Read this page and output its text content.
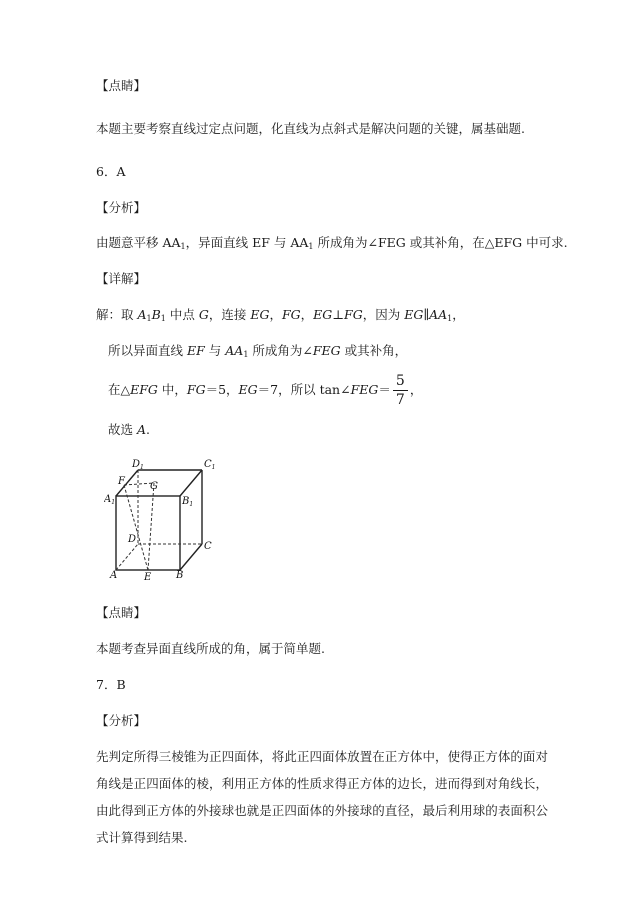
【点睛】
本题主要考察直线过定点问题，化直线为点斜式是解决问题的关键，属基础题.
6．A
【分析】
由题意平移 $AA_1$，异面直线 EF 与 $AA_1$ 所成角为∠FEG 或其补角，在△EFG 中可求.
【详解】
解：取 $A_1B_1$ 中点 G，连接 EG，FG，EG⊥FG，因为 $EG\parallel AA_1$，
所以异面直线 EF 与 $AA_1$ 所成角为∠FEG 或其补角，
在△EFG 中，FG＝5，EG＝7，所以 tan∠FEG＝ $\frac{5}{7}$ ，
故选 A.
$D_1$	$C_1$
F	G
$A_1$	$B_1$
D
C
A	E B
【点睛】
本题考查异面直线所成的角，属于简单题.
7．B
【分析】
先判定所得三棱锥为正四面体，将此正四面体放置在正方体中，使得正方体的面对角线是正四面体的棱，利用正方体的性质求得正方体的边长，进而得到对角线长，由此得到正方体的外接球也就是正四面体的外接球的直径，最后利用球的表面积公式计算得到结果.
